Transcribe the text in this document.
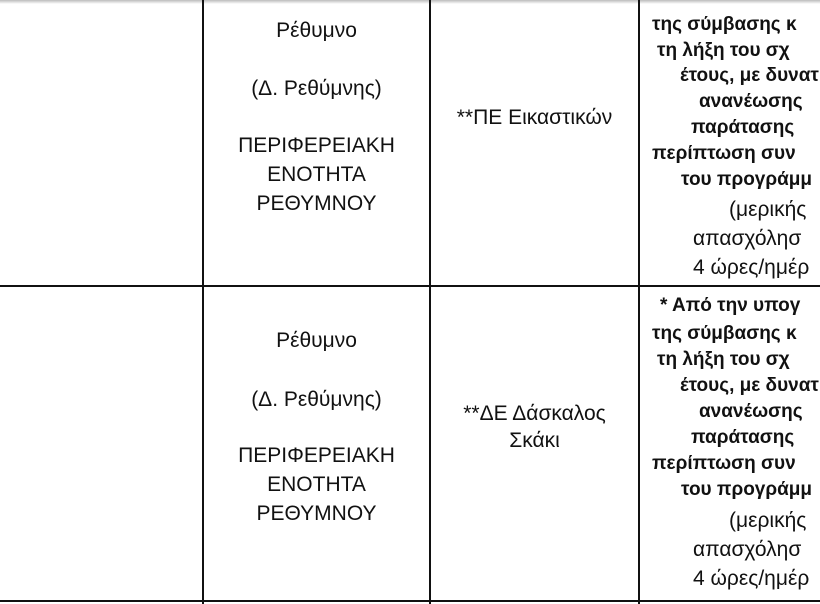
Ρέθυμνο
(Δ. Ρεθύμνης)
ΠΕΡΙΦΕΡΕΙΑΚΗ
ΕΝΟΤΗΤΑ
ΡΕΘΥΜΝΟΥ
**ΠΕ Εικαστικών
της σύμβασης κ
τη λήξη του σχ
έτους, με δυνατ
ανανέωσης
παράτασης
περίπτωση συν
του προγράμμ
(μερικής
απασχόλησ
4 ώρες/ημέρ
Ρέθυμνο
(Δ. Ρεθύμνης)
ΠΕΡΙΦΕΡΕΙΑΚΗ
ΕΝΟΤΗΤΑ
ΡΕΘΥΜΝΟΥ
**ΔΕ Δάσκαλος
Σκάκι
* Από την υπογ
της σύμβασης κ
τη λήξη του σχ
έτους, με δυνατ
ανανέωσης
παράτασης
περίπτωση συν
του προγράμμ
(μερικής
απασχόλησ
4 ώρες/ημέρ
